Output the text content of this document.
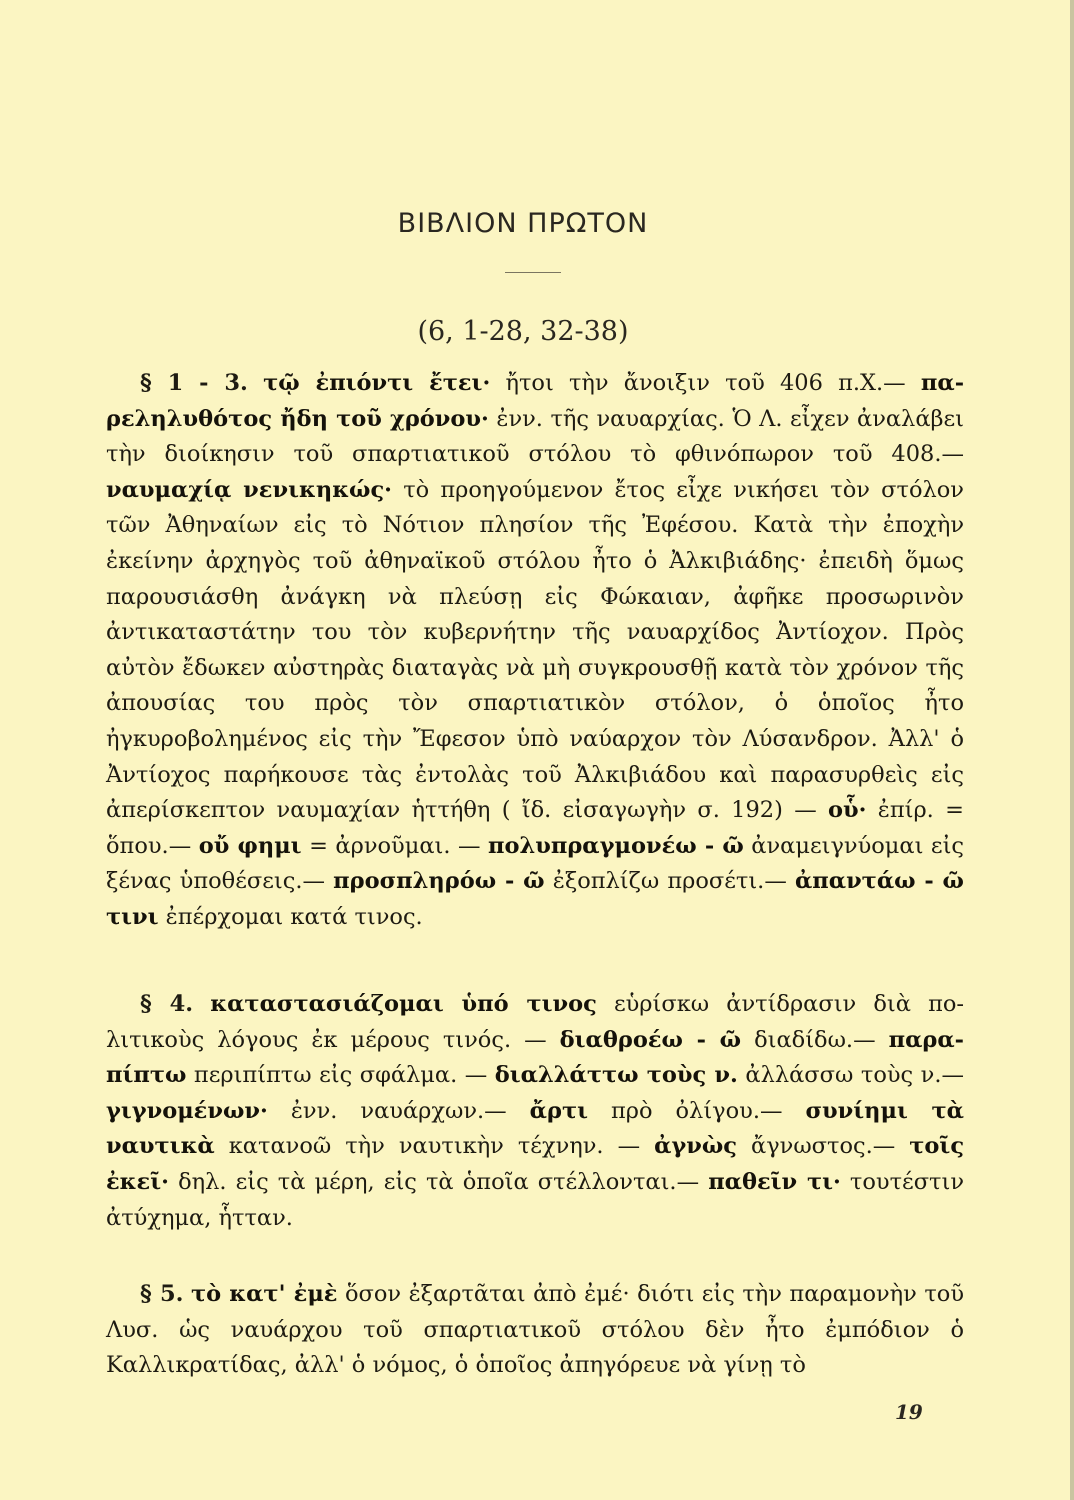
ΒΙΒΛΙΟΝ ΠΡΩΤΟΝ
(6, 1-28, 32-38)
§ 1 - 3. τῷ ἐπιόντι ἔτει· ἤτοι τὴν ἄνοιξιν τοῦ 406 π.Χ.— παρεληλυθότος ἤδη τοῦ χρόνου· ἐνν. τῆς ναυαρχίας. Ὁ Λ. εἶχεν ἀναλάβει τὴν διοίκησιν τοῦ σπαρτιατικοῦ στόλου τὸ φθινόπωρον τοῦ 408.— ναυμαχίᾳ νενικηκώς· τὸ προηγούμενον ἔτος εἶχε νικήσει τὸν στόλον τῶν Ἀθηναίων εἰς τὸ Νότιον πλησίον τῆς Ἐφέσου. Κατὰ τὴν ἐποχὴν ἐκείνην ἀρχηγὸς τοῦ ἀθηναϊκοῦ στόλου ἦτο ὁ Ἀλκιβιάδης· ἐπειδὴ ὅμως παρουσιάσθη ἀνάγκη νὰ πλεύσῃ εἰς Φώκαιαν, ἀφῆκε προσωρινὸν ἀντικαταστάτην του τὸν κυβερνήτην τῆς ναυαρχίδος Ἀντίοχον. Πρὸς αὐτὸν ἔδωκεν αὐστηρὰς διαταγὰς νὰ μὴ συγκρουσθῇ κατὰ τὸν χρόνον τῆς ἀπουσίας του πρὸς τὸν σπαρτιατικὸν στόλον, ὁ ὁποῖος ἦτο ἠγκυροβολημένος εἰς τὴν Ἔφεσον ὑπὸ ναύαρχον τὸν Λύσανδρον. Ἀλλ' ὁ Ἀντίοχος παρήκουσε τὰς ἐντολὰς τοῦ Ἀλκιβιάδου καὶ παρασυρθεὶς εἰς ἀπερίσκεπτον ναυμαχίαν ἡττήθη ( ἴδ. εἰσαγωγὴν σ. 192) — οὗ· ἐπίρ. = ὅπου.— οὔ φημι = ἀρνοῦμαι. — πολυπραγμονέω - ῶ ἀναμειγνύομαι εἰς ξένας ὑποθέσεις.— προσπληρόω - ῶ ἐξοπλίζω προσέτι.— ἀπαντάω - ῶ τινι ἐπέρχομαι κατά τινος.
§ 4. καταστασιάζομαι ὑπό τινος εὑρίσκω ἀντίδρασιν διὰ πολιτικοὺς λόγους ἐκ μέρους τινός. — διαθροέω - ῶ διαδίδω.— παραπίπτω περιπίπτω εἰς σφάλμα. — διαλλάττω τοὺς ν. ἀλλάσσω τοὺς ν.— γιγνομένων· ἐνν. ναυάρχων.— ἄρτι πρὸ ὀλίγου.— συνίημι τὰ ναυτικὰ κατανοῶ τὴν ναυτικὴν τέχνην. — ἀγνὼς ἄγνωστος.— τοῖς ἐκεῖ· δηλ. εἰς τὰ μέρη, εἰς τὰ ὁποῖα στέλλονται.— παθεῖν τι· τουτέστιν ἀτύχημα, ἧτταν.
§ 5. τὸ κατ' ἐμὲ ὅσον ἐξαρτᾶται ἀπὸ ἐμέ· διότι εἰς τὴν παραμονὴν τοῦ Λυσ. ὡς ναυάρχου τοῦ σπαρτιατικοῦ στόλου δὲν ἦτο ἐμπόδιον ὁ Καλλικρατίδας, ἀλλ' ὁ νόμος, ὁ ὁποῖος ἀπηγόρευε νὰ γίνῃ τὸ
19
